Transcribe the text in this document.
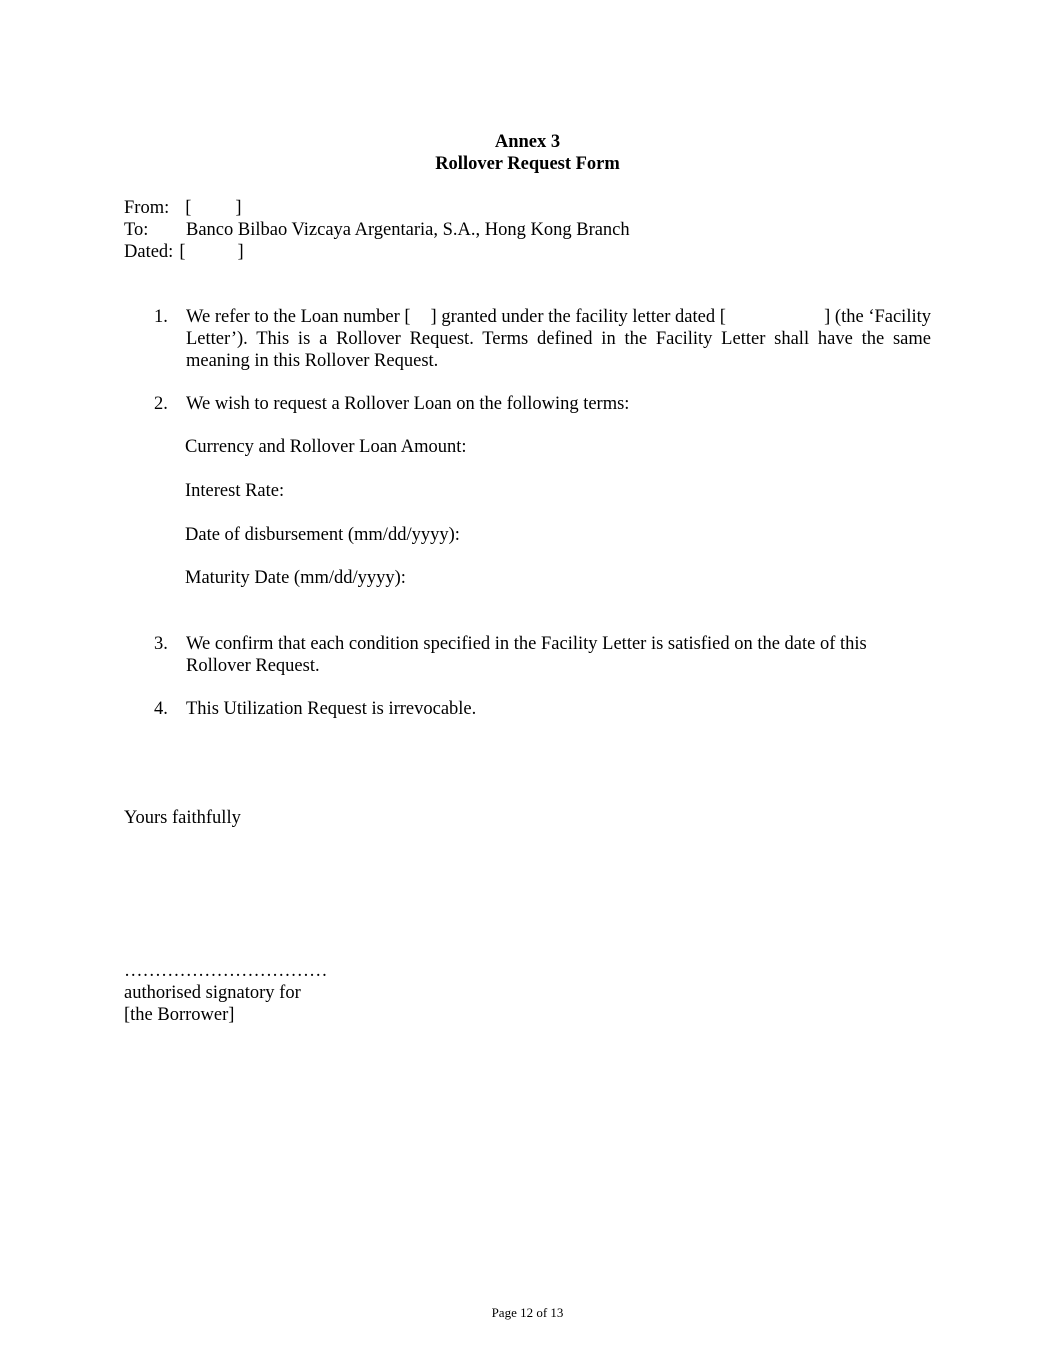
Annex 3
Rollover Request Form
From: [ ]
To: Banco Bilbao Vizcaya Argentaria, S.A., Hong Kong Branch
Dated: [	]
1. We refer to the Loan number [ ] granted under the facility letter dated [	] (the ‘Facility
Letter’). This is a Rollover Request. Terms defined in the Facility Letter shall have the same meaning in this Rollover Request.
2. We wish to request a Rollover Loan on the following terms:
Currency and Rollover Loan Amount:
Interest Rate:
Date of disbursement (mm/dd/yyyy):
Maturity Date (mm/dd/yyyy):
3. We confirm that each condition specified in the Facility Letter is satisfied on the date of this Rollover Request.
4. This Utilization Request is irrevocable.
Yours faithfully
……………………………
authorised signatory for
[the Borrower]
Page 12 of 13
